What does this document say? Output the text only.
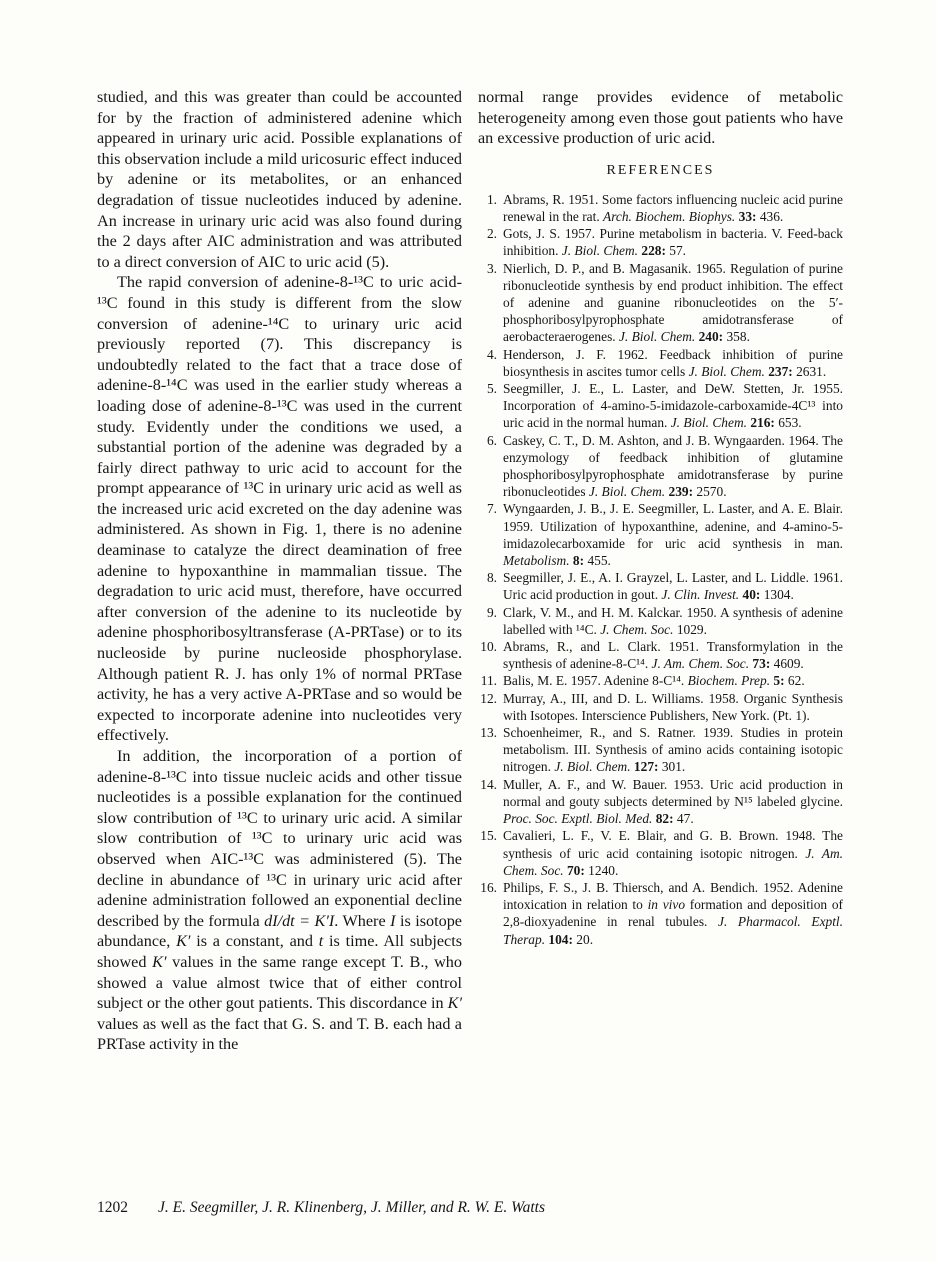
studied, and this was greater than could be accounted for by the fraction of administered adenine which appeared in urinary uric acid. Possible explanations of this observation include a mild uricosuric effect induced by adenine or its metabolites, or an enhanced degradation of tissue nucleotides induced by adenine. An increase in urinary uric acid was also found during the 2 days after AIC administration and was attributed to a direct conversion of AIC to uric acid (5).

The rapid conversion of adenine-8-¹³C to uric acid-¹³C found in this study is different from the slow conversion of adenine-¹⁴C to urinary uric acid previously reported (7). This discrepancy is undoubtedly related to the fact that a trace dose of adenine-8-¹⁴C was used in the earlier study whereas a loading dose of adenine-8-¹³C was used in the current study. Evidently under the conditions we used, a substantial portion of the adenine was degraded by a fairly direct pathway to uric acid to account for the prompt appearance of ¹³C in urinary uric acid as well as the increased uric acid excreted on the day adenine was administered. As shown in Fig. 1, there is no adenine deaminase to catalyze the direct deamination of free adenine to hypoxanthine in mammalian tissue. The degradation to uric acid must, therefore, have occurred after conversion of the adenine to its nucleotide by adenine phosphoribosyltransferase (A-PRTase) or to its nucleoside by purine nucleoside phosphorylase. Although patient R. J. has only 1% of normal PRTase activity, he has a very active A-PRTase and so would be expected to incorporate adenine into nucleotides very effectively.

In addition, the incorporation of a portion of adenine-8-¹³C into tissue nucleic acids and other tissue nucleotides is a possible explanation for the continued slow contribution of ¹³C to urinary uric acid. A similar slow contribution of ¹³C to urinary uric acid was observed when AIC-¹³C was administered (5). The decline in abundance of ¹³C in urinary uric acid after adenine administration followed an exponential decline described by the formula dI/dt = K′I. Where I is isotope abundance, K′ is a constant, and t is time. All subjects showed K′ values in the same range except T. B., who showed a value almost twice that of either control subject or the other gout patients. This discordance in K′ values as well as the fact that G. S. and T. B. each had a PRTase activity in the

normal range provides evidence of metabolic heterogeneity among even those gout patients who have an excessive production of uric acid.

REFERENCES
1. Abrams, R. 1951. Some factors influencing nucleic acid purine renewal in the rat. Arch. Biochem. Biophys. 33: 436.
2. Gots, J. S. 1957. Purine metabolism in bacteria. V. Feed-back inhibition. J. Biol. Chem. 228: 57.
3. Nierlich, D. P., and B. Magasanik. 1965. Regulation of purine ribonucleotide synthesis by end product inhibition. The effect of adenine and guanine ribonucleotides on the 5′-phosphoribosylpyrophosphate amidotransferase of aerobacteraerogenes. J. Biol. Chem. 240: 358.
4. Henderson, J. F. 1962. Feedback inhibition of purine biosynthesis in ascites tumor cells J. Biol. Chem. 237: 2631.
5. Seegmiller, J. E., L. Laster, and DeW. Stetten, Jr. 1955. Incorporation of 4-amino-5-imidazole-carboxamide-4C¹³ into uric acid in the normal human. J. Biol. Chem. 216: 653.
6. Caskey, C. T., D. M. Ashton, and J. B. Wyngaarden. 1964. The enzymology of feedback inhibition of glutamine phosphoribosylpyrophosphate amidotransferase by purine ribonucleotides J. Biol. Chem. 239: 2570.
7. Wyngaarden, J. B., J. E. Seegmiller, L. Laster, and A. E. Blair. 1959. Utilization of hypoxanthine, adenine, and 4-amino-5-imidazolecarboxamide for uric acid synthesis in man. Metabolism. 8: 455.
8. Seegmiller, J. E., A. I. Grayzel, L. Laster, and L. Liddle. 1961. Uric acid production in gout. J. Clin. Invest. 40: 1304.
9. Clark, V. M., and H. M. Kalckar. 1950. A synthesis of adenine labelled with ¹⁴C. J. Chem. Soc. 1029.
10. Abrams, R., and L. Clark. 1951. Transformylation in the synthesis of adenine-8-C¹⁴. J. Am. Chem. Soc. 73: 4609.
11. Balis, M. E. 1957. Adenine 8-C¹⁴. Biochem. Prep. 5: 62.
12. Murray, A., III, and D. L. Williams. 1958. Organic Synthesis with Isotopes. Interscience Publishers, New York. (Pt. 1).
13. Schoenheimer, R., and S. Ratner. 1939. Studies in protein metabolism. III. Synthesis of amino acids containing isotopic nitrogen. J. Biol. Chem. 127: 301.
14. Muller, A. F., and W. Bauer. 1953. Uric acid production in normal and gouty subjects determined by N¹⁵ labeled glycine. Proc. Soc. Exptl. Biol. Med. 82: 47.
15. Cavalieri, L. F., V. E. Blair, and G. B. Brown. 1948. The synthesis of uric acid containing isotopic nitrogen. J. Am. Chem. Soc. 70: 1240.
16. Philips, F. S., J. B. Thiersch, and A. Bendich. 1952. Adenine intoxication in relation to in vivo formation and deposition of 2,8-dioxyadenine in renal tubules. J. Pharmacol. Exptl. Therap. 104: 20.
1202 J. E. Seegmiller, J. R. Klinenberg, J. Miller, and R. W. E. Watts
